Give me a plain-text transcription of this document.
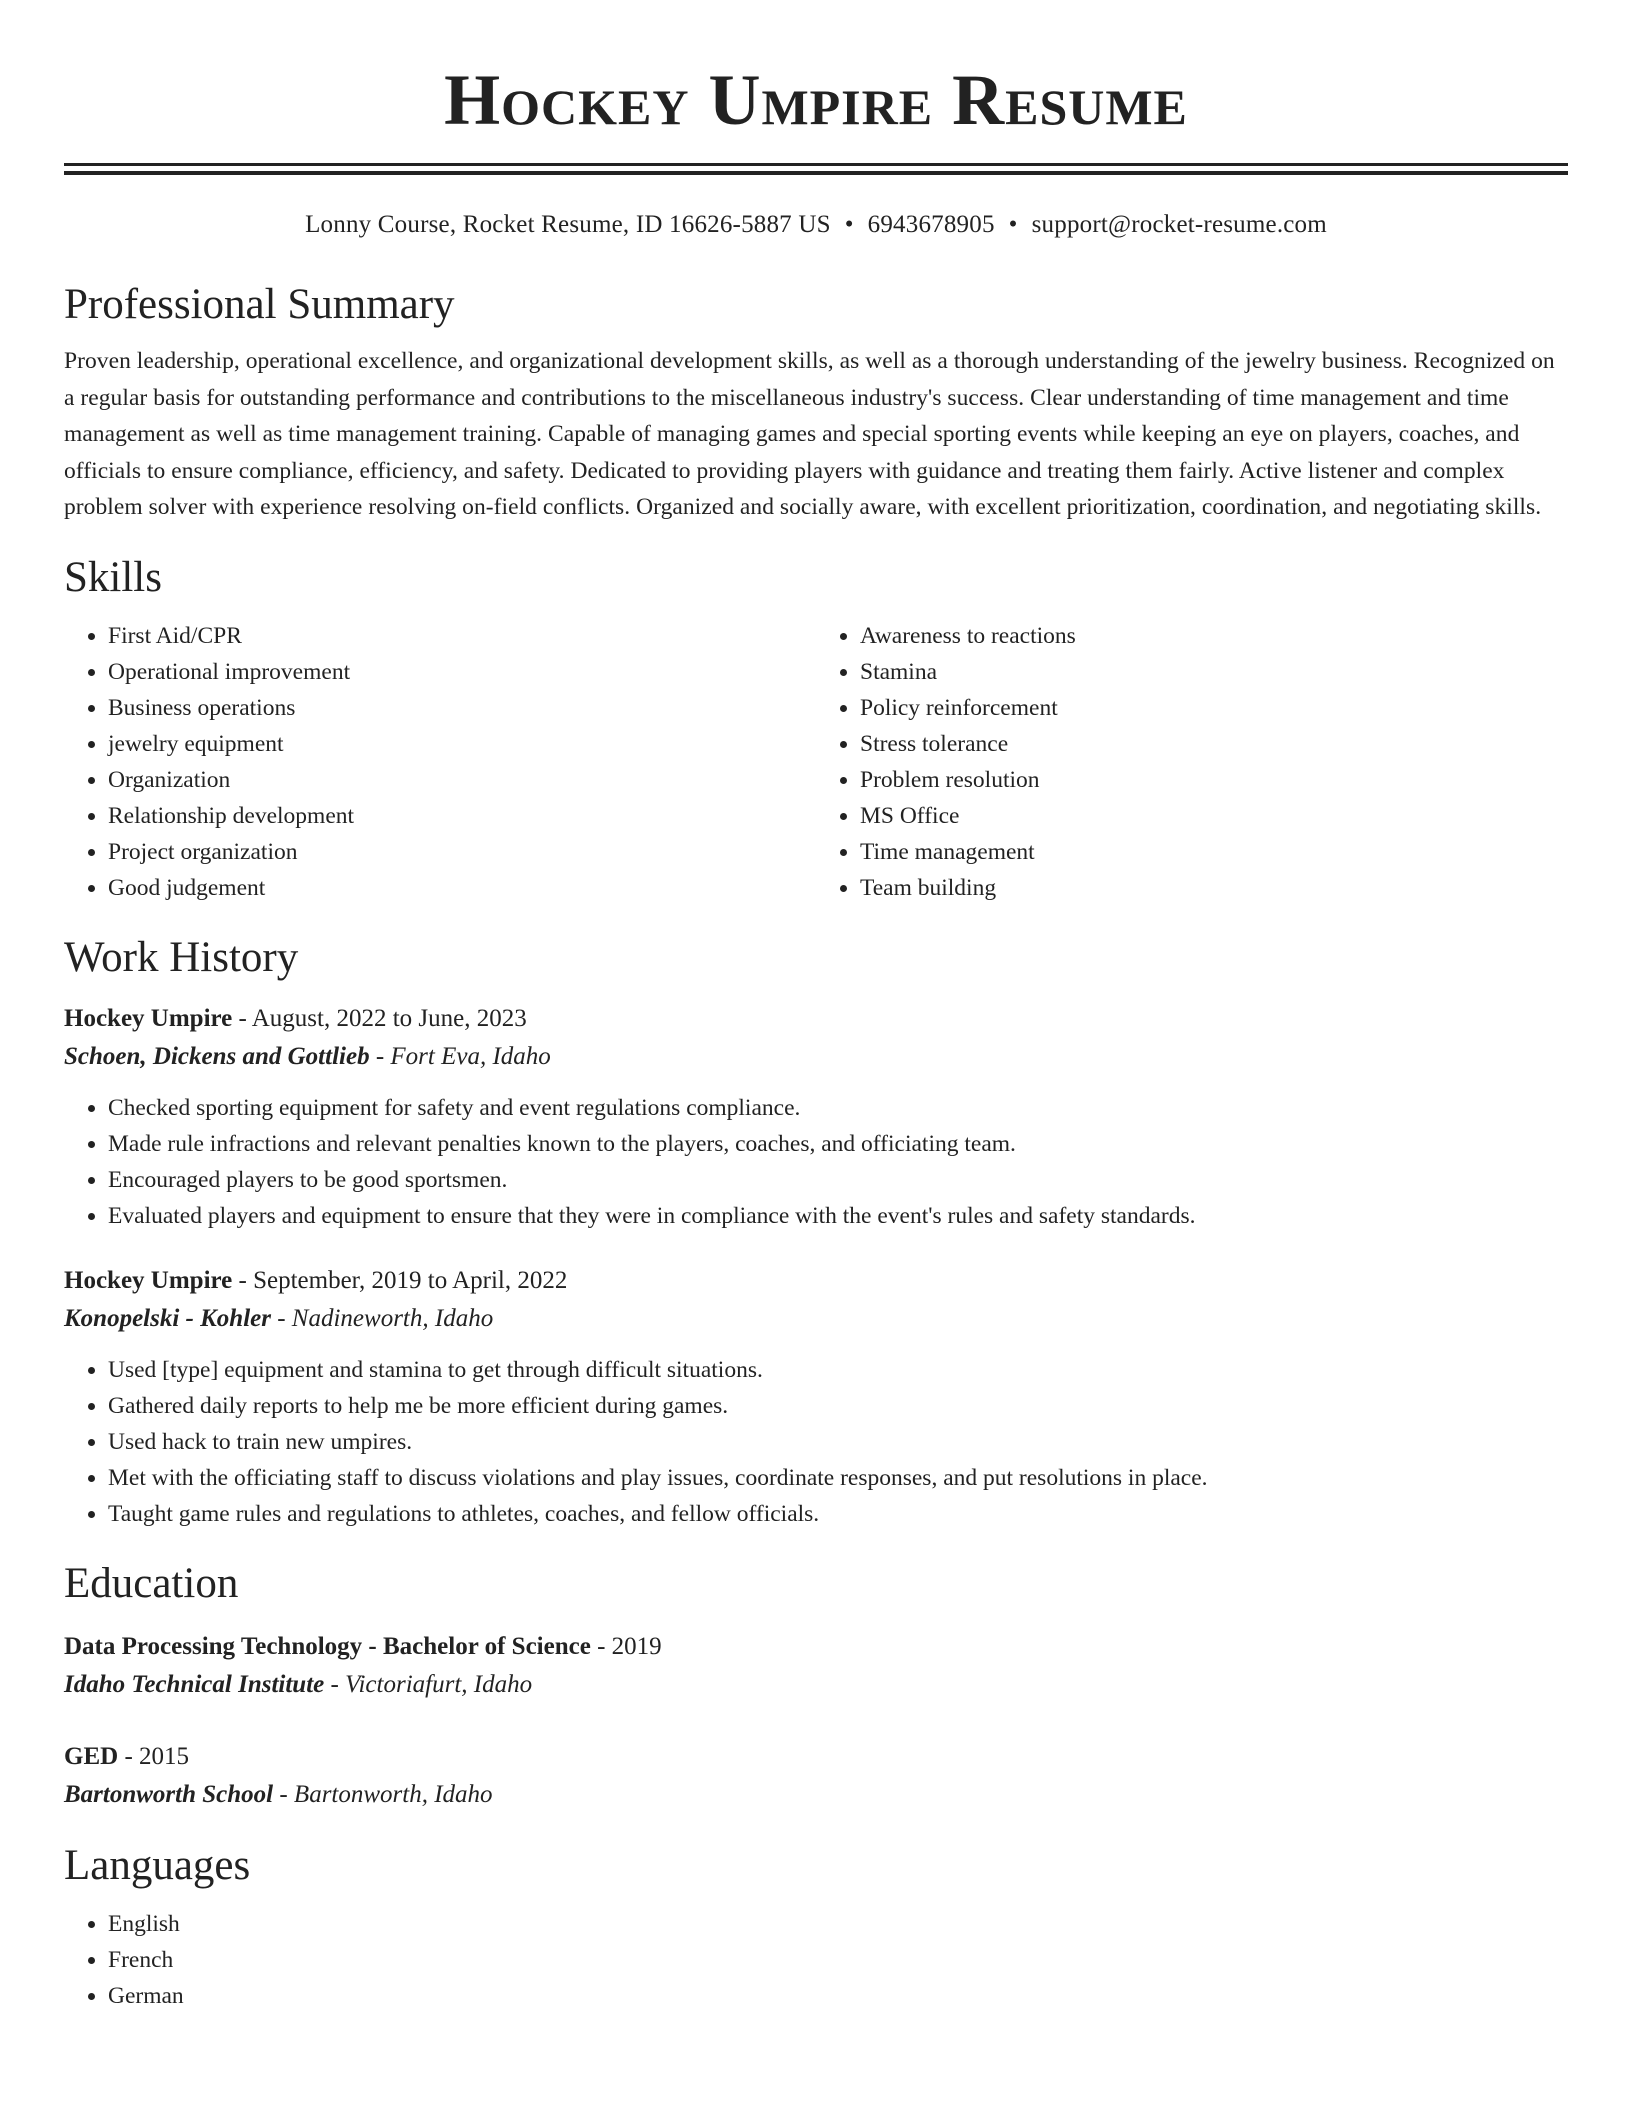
Hockey Umpire Resume
Lonny Course, Rocket Resume, ID 16626-5887 US • 6943678905 • support@rocket-resume.com
Professional Summary
Proven leadership, operational excellence, and organizational development skills, as well as a thorough understanding of the jewelry business. Recognized on a regular basis for outstanding performance and contributions to the miscellaneous industry's success. Clear understanding of time management and time management as well as time management training. Capable of managing games and special sporting events while keeping an eye on players, coaches, and officials to ensure compliance, efficiency, and safety. Dedicated to providing players with guidance and treating them fairly. Active listener and complex problem solver with experience resolving on-field conflicts. Organized and socially aware, with excellent prioritization, coordination, and negotiating skills.
Skills
• First Aid/CPR
• Operational improvement
• Business operations
• jewelry equipment
• Organization
• Relationship development
• Project organization
• Good judgement
• Awareness to reactions
• Stamina
• Policy reinforcement
• Stress tolerance
• Problem resolution
• MS Office
• Time management
• Team building
Work History
Hockey Umpire - August, 2022 to June, 2023
Schoen, Dickens and Gottlieb - Fort Eva, Idaho
• Checked sporting equipment for safety and event regulations compliance.
• Made rule infractions and relevant penalties known to the players, coaches, and officiating team.
• Encouraged players to be good sportsmen.
• Evaluated players and equipment to ensure that they were in compliance with the event's rules and safety standards.
Hockey Umpire - September, 2019 to April, 2022
Konopelski - Kohler - Nadineworth, Idaho
• Used [type] equipment and stamina to get through difficult situations.
• Gathered daily reports to help me be more efficient during games.
• Used hack to train new umpires.
• Met with the officiating staff to discuss violations and play issues, coordinate responses, and put resolutions in place.
• Taught game rules and regulations to athletes, coaches, and fellow officials.
Education
Data Processing Technology - Bachelor of Science - 2019
Idaho Technical Institute - Victoriafurt, Idaho
GED - 2015
Bartonworth School - Bartonworth, Idaho
Languages
• English
• French
• German
